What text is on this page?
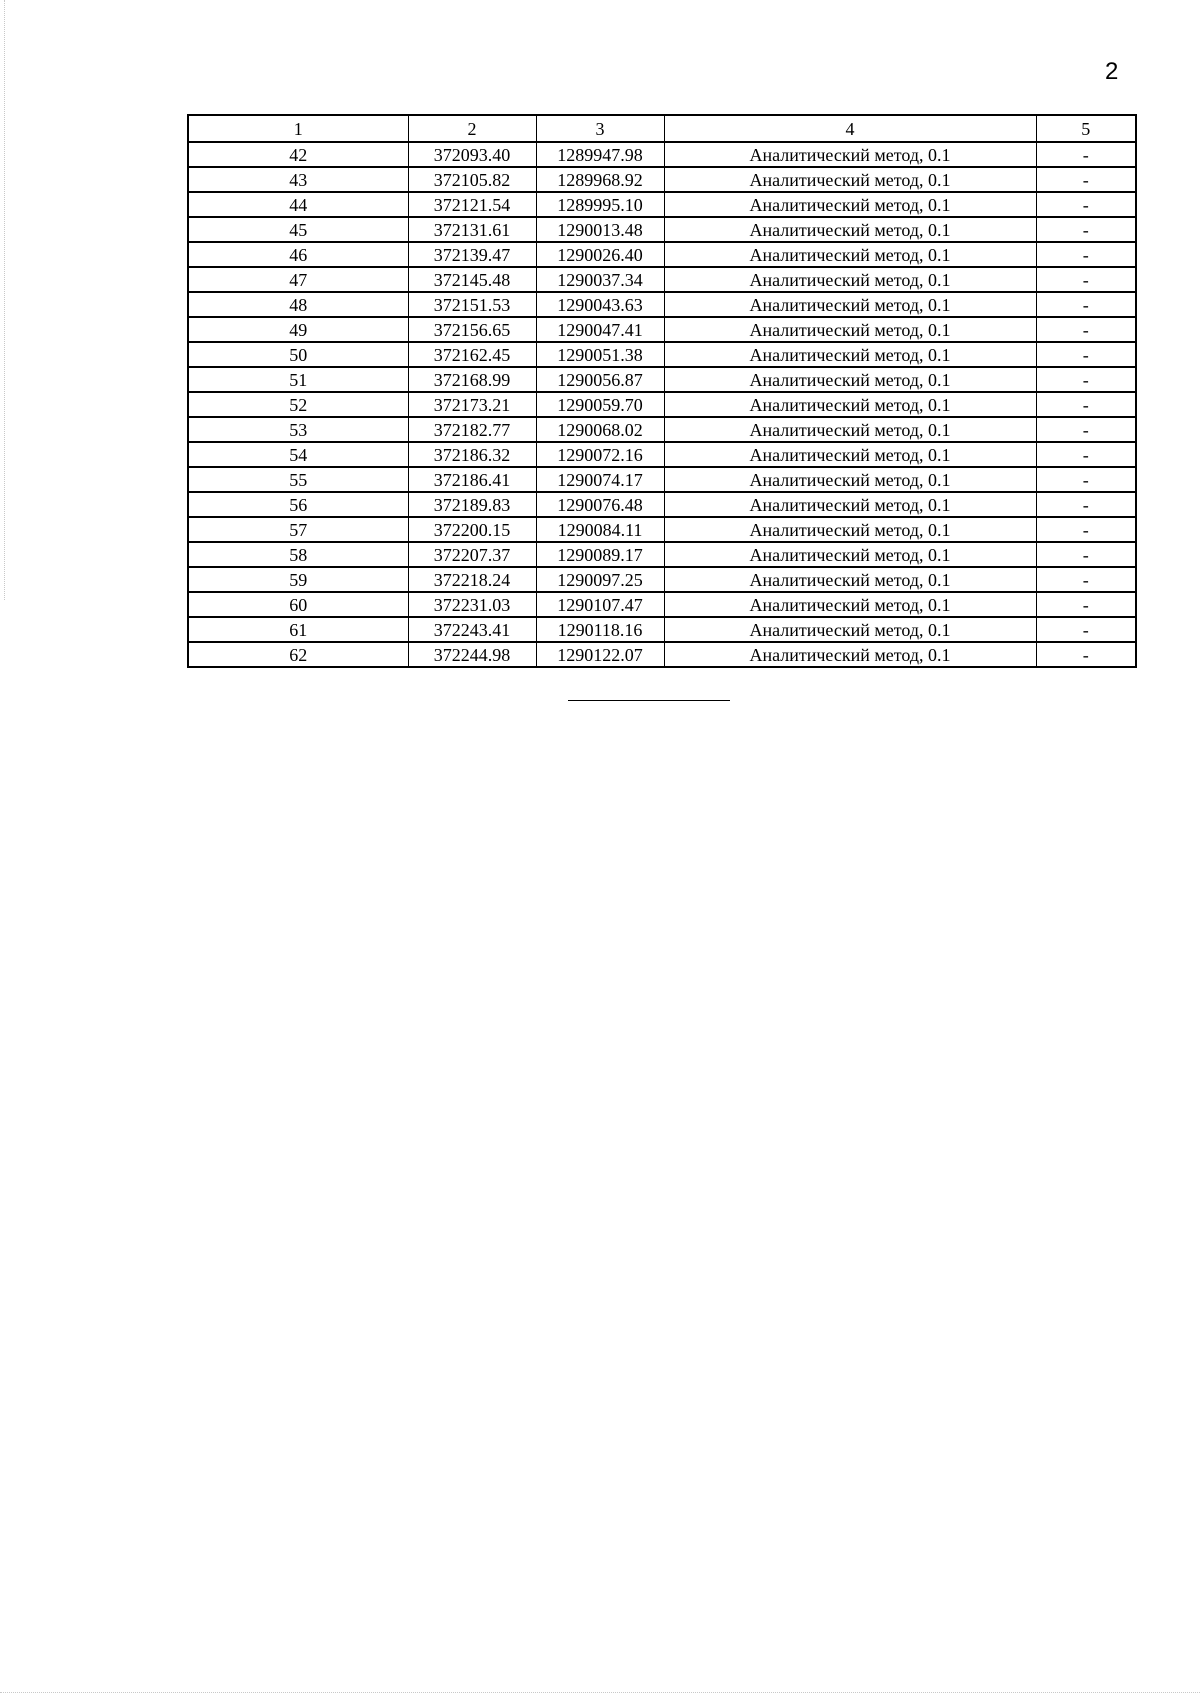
2
1	2	3	4	5
42	372093.40	1289947.98	Аналитический метод, 0.1	-
43	372105.82	1289968.92	Аналитический метод, 0.1	-
44	372121.54	1289995.10	Аналитический метод, 0.1	-
45	372131.61	1290013.48	Аналитический метод, 0.1	-
46	372139.47	1290026.40	Аналитический метод, 0.1	-
47	372145.48	1290037.34	Аналитический метод, 0.1	-
48	372151.53	1290043.63	Аналитический метод, 0.1	-
49	372156.65	1290047.41	Аналитический метод, 0.1	-
50	372162.45	1290051.38	Аналитический метод, 0.1	-
51	372168.99	1290056.87	Аналитический метод, 0.1	-
52	372173.21	1290059.70	Аналитический метод, 0.1	-
53	372182.77	1290068.02	Аналитический метод, 0.1	-
54	372186.32	1290072.16	Аналитический метод, 0.1	-
55	372186.41	1290074.17	Аналитический метод, 0.1	-
56	372189.83	1290076.48	Аналитический метод, 0.1	-
57	372200.15	1290084.11	Аналитический метод, 0.1	-
58	372207.37	1290089.17	Аналитический метод, 0.1	-
59	372218.24	1290097.25	Аналитический метод, 0.1	-
60	372231.03	1290107.47	Аналитический метод, 0.1	-
61	372243.41	1290118.16	Аналитический метод, 0.1	-
62	372244.98	1290122.07	Аналитический метод, 0.1	-
